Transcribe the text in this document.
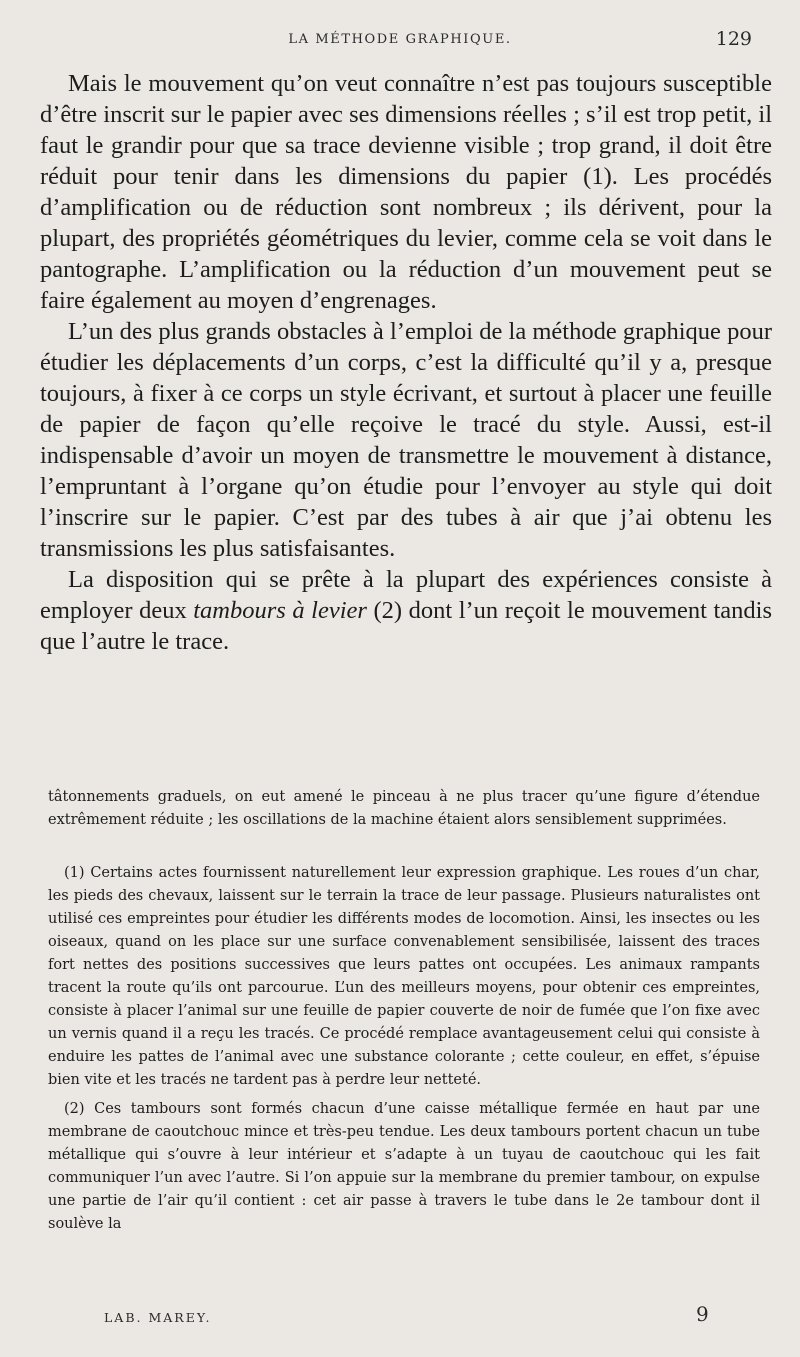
LA MÉTHODE GRAPHIQUE.	129

Mais le mouvement qu’on veut connaître n’est pas toujours susceptible d’être inscrit sur le papier avec ses dimensions réelles ; s’il est trop petit, il faut le grandir pour que sa trace devienne visible ; trop grand, il doit être réduit pour tenir dans les dimensions du papier (1). Les procédés d’amplification ou de réduction sont nombreux ; ils dérivent, pour la plupart, des propriétés géométriques du levier, comme cela se voit dans le pantographe. L’amplification ou la réduction d’un mouvement peut se faire également au moyen d’engrenages.

L’un des plus grands obstacles à l’emploi de la méthode graphique pour étudier les déplacements d’un corps, c’est la difficulté qu’il y a, presque toujours, à fixer à ce corps un style écrivant, et surtout à placer une feuille de papier de façon qu’elle reçoive le tracé du style. Aussi, est-il indispensable d’avoir un moyen de transmettre le mouvement à distance, l’empruntant à l’organe qu’on étudie pour l’envoyer au style qui doit l’inscrire sur le papier. C’est par des tubes à air que j’ai obtenu les transmissions les plus satisfaisantes.

La disposition qui se prête à la plupart des expériences consiste à employer deux tambours à levier (2) dont l’un reçoit le mouvement tandis que l’autre le trace.

tâtonnements graduels, on eut amené le pinceau à ne plus tracer qu’une figure d’étendue extrêmement réduite ; les oscillations de la machine étaient alors sensiblement supprimées.

(1) Certains actes fournissent naturellement leur expression graphique. Les roues d’un char, les pieds des chevaux, laissent sur le terrain la trace de leur passage. Plusieurs naturalistes ont utilisé ces empreintes pour étudier les différents modes de locomotion. Ainsi, les insectes ou les oiseaux, quand on les place sur une surface convenablement sensibilisée, laissent des traces fort nettes des positions successives que leurs pattes ont occupées. Les animaux rampants tracent la route qu’ils ont parcourue. L’un des meilleurs moyens, pour obtenir ces empreintes, consiste à placer l’animal sur une feuille de papier couverte de noir de fumée que l’on fixe avec un vernis quand il a reçu les tracés. Ce procédé remplace avantageusement celui qui consiste à enduire les pattes de l’animal avec une substance colorante ; cette couleur, en effet, s’épuise bien vite et les tracés ne tardent pas à perdre leur netteté.

(2) Ces tambours sont formés chacun d’une caisse métallique fermée en haut par une membrane de caoutchouc mince et très-peu tendue. Les deux tambours portent chacun un tube métallique qui s’ouvre à leur intérieur et s’adapte à un tuyau de caoutchouc qui les fait communiquer l’un avec l’autre. Si l’on appuie sur la membrane du premier tambour, on expulse une partie de l’air qu’il contient : cet air passe à travers le tube dans le 2e tambour dont il soulève la

LAB. MAREY.	9
